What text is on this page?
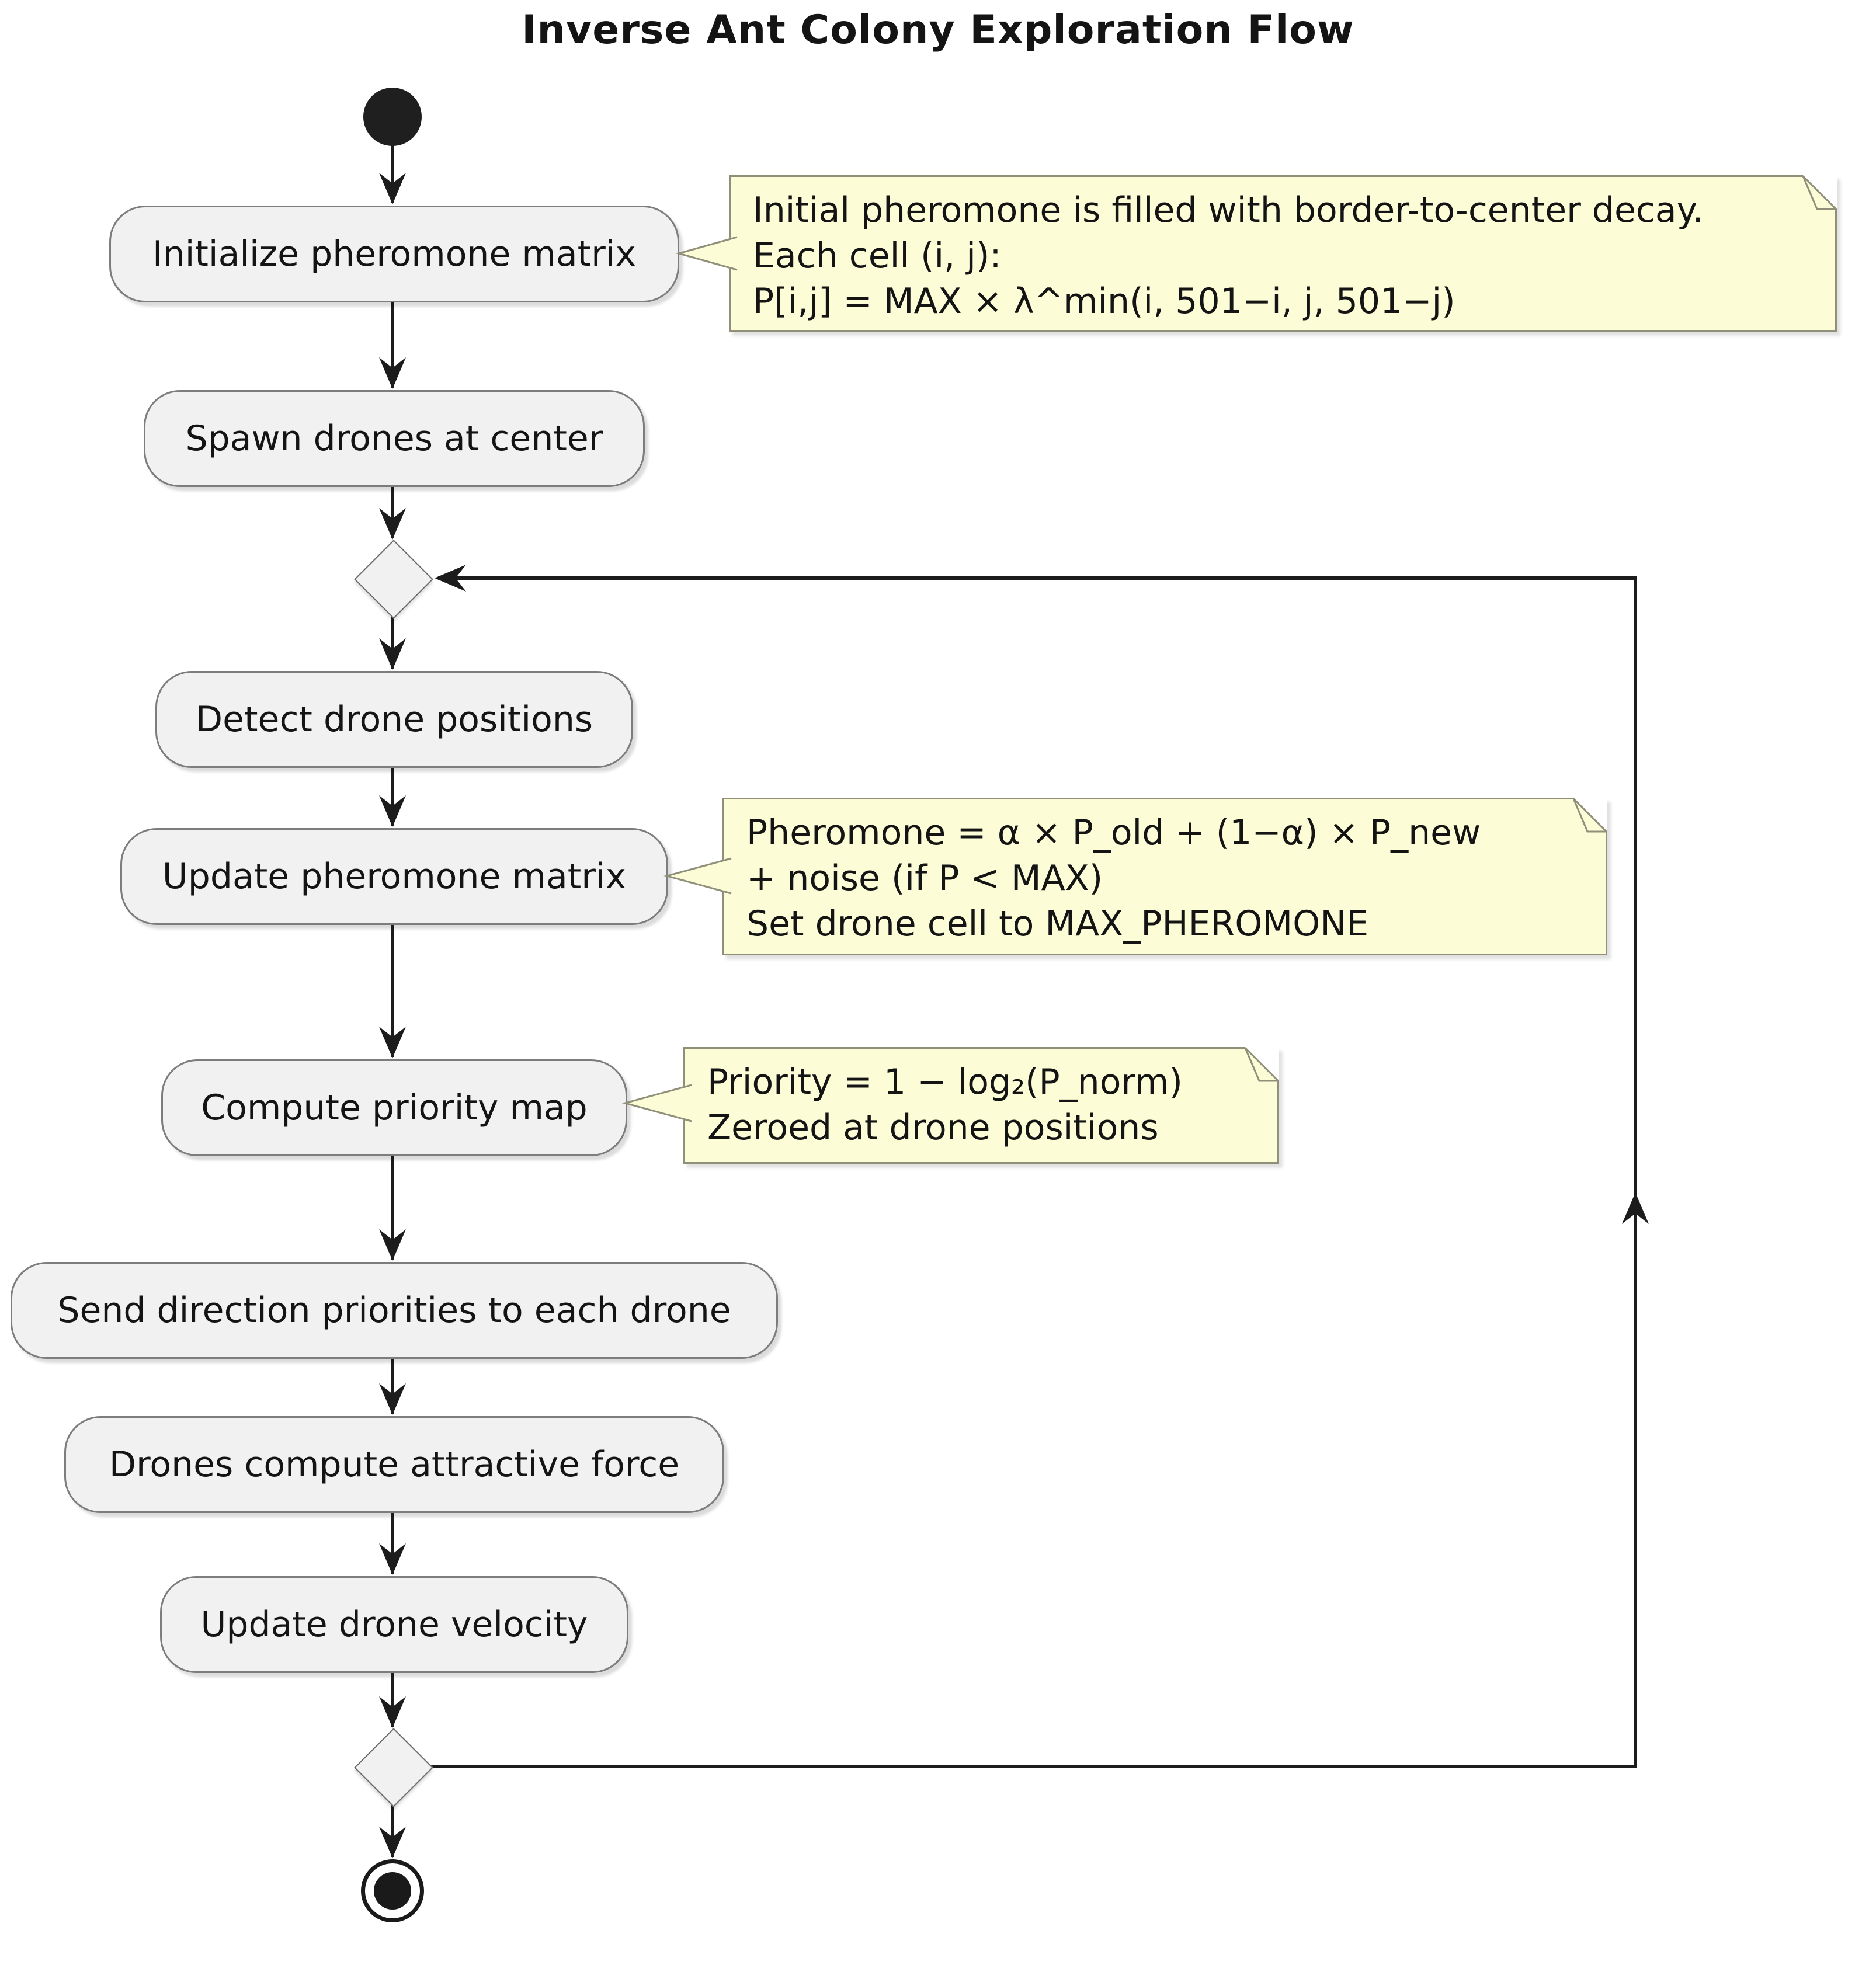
Inverse Ant Colony Exploration Flow
Initialize pheromone matrix
Spawn drones at center
Detect drone positions
Update pheromone matrix
Compute priority map
Send direction priorities to each drone
Drones compute attractive force
Update drone velocity
Initial pheromone is filled with border-to-center decay.
Each cell (i, j):
P[i,j] = MAX × λ^min(i, 501−i, j, 501−j)
Pheromone = α × P_old + (1−α) × P_new
+ noise (if P < MAX)
Set drone cell to MAX_PHEROMONE
Priority = 1 − log₂(P_norm)
Zeroed at drone positions
